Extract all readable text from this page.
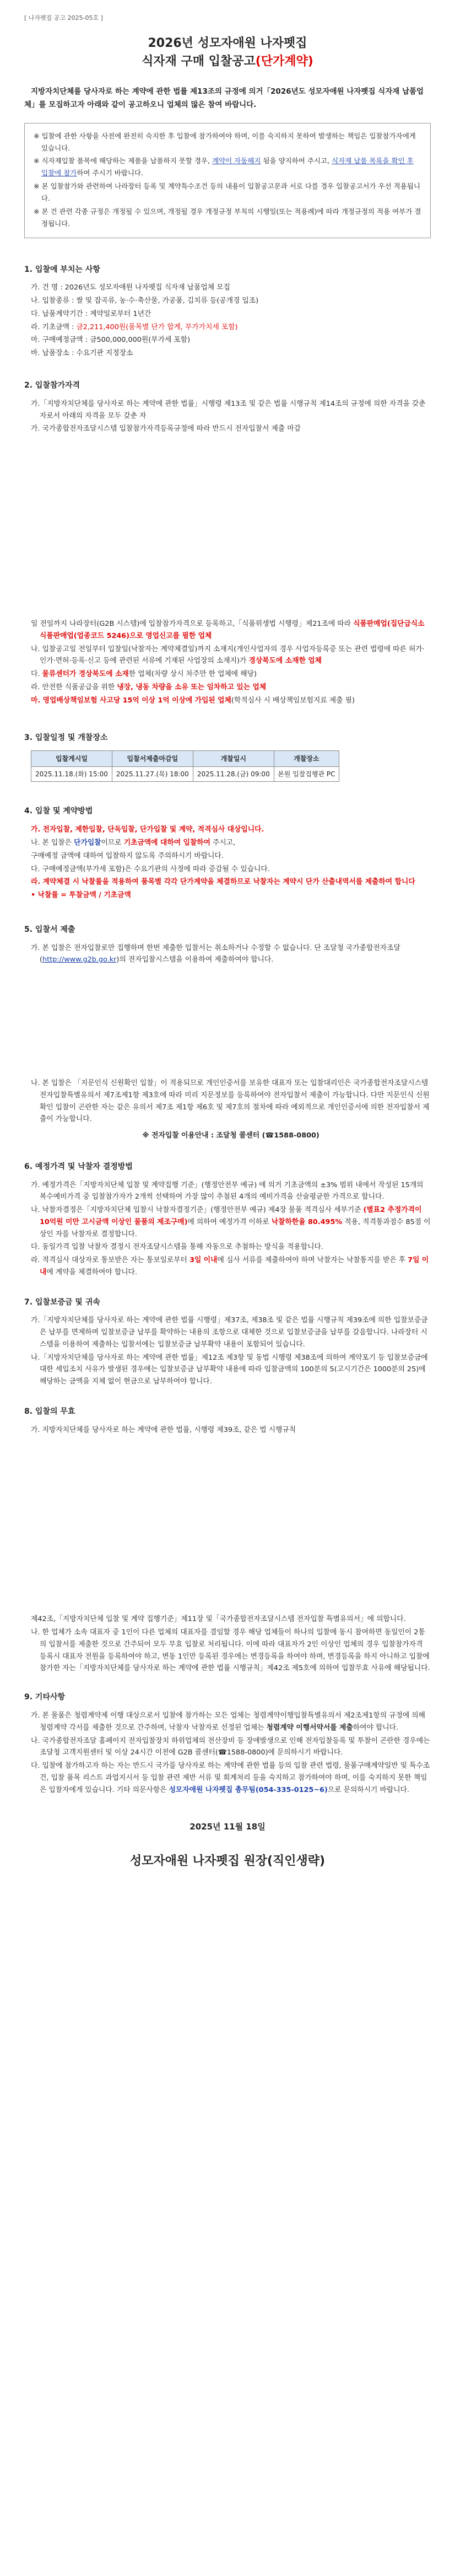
[ 나자펫집 공고 2025-05호 ]
2026년 성모자애원 나자펫집
식자재 구매 입찰공고(단가계약)

지방자치단체를 당사자로 하는 계약에 관한 법률 제13조의 규정에 의거「2026년도 성모자애원 나자펫집 식자재 납품업체」를 모집하고자 아래와 같이 공고하오니 업체의 많은 참여 바랍니다.

※ 입찰에 관한 사항을 사전에 완전히 숙지한 후 입찰에 참가하여야 하며, 이를 숙지하지 못하여 발생하는 책임은 입찰참가자에게 있습니다.

※ 식자재입찰 품목에 해당하는 제품을 납품하지 못할 경우, 계약이 자동해지 됨을 양지하여 주시고, 식자재 납품 목록을 확인 후 입찰에 참가하여 주시기 바랍니다.

※ 본 입찰참가와 관련하여 나라장터 등록 및 계약특수조건 등의 내용이 입찰공고문과 서로 다를 경우 입찰공고서가 우선 적용됩니다.

※ 본 건 관련 각종 규정은 개정될 수 있으며, 개정될 경우 개정규정 부칙의 시행일(또는 적용례)에 따라 개정규정의 적용 여부가 결정됩니다.

1. 입찰에 부치는 사항
가. 건 명 : 2026년도 성모자애원 나자펫집 식자재 납품업체 모집
나. 입찰종류 : 쌀 및 잡곡류, 농·수·축산물, 가공품, 김치류 등(공개경 입조)
다. 납품계약기간 : 계약일로부터 1년간
라. 기초금액 : 금2,211,400원(품목별 단가 합계, 부가가치세 포함)
마. 구매예정금액 : 금500,000,000원(부가세 포함)
바. 납품장소 : 수요기관 지정장소
2. 입찰참가자격
가.「지방자치단체를 당사자로 하는 계약에 관한 법률」시행령 제13조 및 같은 법률 시행규칙 제14조의 규정에 의한 자격을 갖춘 자로서 아래의 자격을 모두 갖춘 자
가. 국가종합전자조달시스템 입찰참가자격등록규정에 따라 반드시 전자입찰서 제출 마감
일 전일까지 나라장터(G2B 시스템)에 입찰참가자격으로 등록하고,「식품위생법 시행령」제21조에 따라 식품판매업(집단급식소식품판매업(업종코드 5246)으로 영업신고를 필한 업체
나. 입찰공고일 전일부터 입찰일(낙찰자는 계약체결일)까지 소재지(개인사업자의 경우 사업자등록증 또는 관련 법령에 따른 허가·인가·면허·등록·신고 등에 관련된 서류에 기재된 사업장의 소재지)가 경상북도에 소재한 업체
다. 물류센터가 경상북도에 소재한 업체(차량 상시 차주만 한 업체에 해당)
라. 안전한 식품공급을 위한 냉장, 냉동 차량을 소유 또는 임차하고 있는 업체
마. 영업배상책임보험 사고당 15억 이상 1억 이상에 가입된 업체(학적심사 시 배상책임보험지료 제출 필)
3. 입찰일정 및 개찰장소
입찰게시일	입찰서제출마감일	개찰일시	개찰장소
2025.11.18.(화) 15:00	2025.11.27.(목) 18:00	2025.11.28.(금) 09:00	본원 입찰집행관 PC
4. 입찰 및 계약방법
가. 전자입찰, 제한입찰, 단독입찰, 단가입찰 및 계약, 적격심사 대상입니다.
나. 본 입찰은 단가입찰이므로 기초금액에 대하여 입찰하여 주시고,
구매예정 금액에 대하여 입찰하지 않도록 주의하시기 바랍니다.
다. 구매예정금액(부가세 포함)은 수요기관의 사정에 따라 증감될 수 있습니다.
라. 계약체결 시 낙찰률을 적용하여 품목별 각각 단가계약을 체결하므로 낙찰자는 계약시 단가 산출내역서를 제출하여 합니다
• 낙찰률 = 투찰금액 / 기초금액
5. 입찰서 제출
가. 본 입찰은 전자입찰로만 집행하며 한번 제출한 입찰서는 취소하거나 수정할 수 없습니다. 단 조달청 국가종합전자조달(http://www.g2b.go.kr)의 전자입찰시스템을 이용하여 제출하여야 합니다.
나. 본 입찰은 「지문인식 신원확인 입찰」이 적용되므로 개인인증서를 보유한 대표자 또는 입찰대리인은 국가종합전자조달시스템 전자입찰특별유의서 제7조제1항 제3호에 따라 미리 지문정보를 등록하여야 전자입찰서 제출이 가능합니다. 다만 지문인식 신원확인 입찰이 곤란한 자는 같은 유의서 제7조 제1항 제6호 및 제7호의 절차에 따라 예외적으로 개인인증서에 의한 전자입찰서 제출이 가능합니다.
※ 전자입찰 이용안내 : 조달청 콜센터 (☎1588-0800)
6. 예정가격 및 낙찰자 결정방법
가. 예정가격은「지방자치단체 입찰 및 계약집행 기준」(행정안전부 예규) 에 의거 기초금액의 ±3% 범위 내에서 작성된 15개의 복수예비가격 중 입찰참가자가 2개씩 선택하여 가장 많이 추첨된 4개의 예비가격을 산술평균한 가격으로 합니다.
나. 낙찰자결정은「지방자치단체 입찰시 낙찰자결정기준」(행정안전부 예규) 제4장 물품 적격심사 세부기준 (별표2 추정가격이 10억원 미만 고시금액 이상인 물품의 제조구매)에 의하여 예정가격 이하로 낙찰하한율 80.495% 적용, 적격통과점수 85점 이상인 자를 낙찰자로 결정합니다.
다. 동일가격 입찰 낙찰자 결정시 전자조달시스템을 통해 자동으로 추첨하는 방식을 적용합니다.
라. 적격심사 대상자로 통보받은 자는 통보일로부터 3일 이내에 심사 서류를 제출하여야 하며 낙찰자는 낙찰통지를 받은 후 7일 이내에 계약을 체결하여야 합니다.
7. 입찰보증금 및 귀속
가.「지방자치단체를 당사자로 하는 계약에 관한 법률 시행령」제37조, 제38조 및 같은 법률 시행규칙 제39조에 의한 입찰보증금은 납부를 면제하며 입찰보증금 납부를 확약하는 내용의 조항으로 대체한 것으로 입찰보증금을 납부를 갈음합니다. 나라장터 시스템을 이용하여 제출하는 입찰서에는 입찰보증금 납부확약 내용이 포함되어 있습니다.
나.「지방자치단체를 당사자로 하는 계약에 관한 법률」제12조 제3항 및 동법 시행령 제38조에 의하여 계약포기 등 입찰보증금에 대한 세입조치 사유가 발생된 경우에는 입찰보증금 납부확약 내용에 따라 입찰금액의 100분의 5(고시기간은 1000분의 25)에 해당하는 금액을 지체 없이 현금으로 납부하여야 합니다.
8. 입찰의 무효
가. 지방자치단체를 당사자로 하는 계약에 관한 법률, 시행령 제39조, 같은 법 시행규칙
제42조,「지방자치단체 입찰 및 계약 집행기준」제11장 및「국가종합전자조달시스템 전자입찰 특별유의서」에 의합니다.
나. 한 업체가 소속 대표자 중 1인이 다른 업체의 대표자를 겸임할 경우 해당 업체들이 하나의 입찰에 동시 참여하면 동일인이 2통의 입찰서를 제출한 것으로 간주되어 모두 무효 입찰로 처리됩니다. 이에 따라 대표자가 2인 이상인 업체의 경우 입찰참가자격 등록시 대표자 전원을 등록하여야 하고, 변동 1인만 등록된 경우에는 변경등록을 하여야 하며, 변경등록을 하지 아니하고 입찰에 참가한 자는「지방자치단체를 당사자로 하는 계약에 관한 법률 시행규칙」제42조 제5호에 의하여 입찰무효 사유에 해당됩니다.
9. 기타사항
가. 본 물품은 청렴계약제 이행 대상으로서 입찰에 참가하는 모든 업체는 청렴계약이행입찰특별유의서 제2조제1항의 규정에 의해 청렴계약 각서를 제출한 것으로 간주하며, 낙찰자 낙찰자로 선정된 업체는 청렴계약 이행서약서를 제출하여야 합니다.
나. 국가종합전자조달 홈페이지 전자입찰장치 하위업체의 전산장비 등 장애발생으로 인해 전자입찰등록 및 투찰이 곤란한 경우에는 조달청 고객지원센터 및 이상 24시간 이전에 G2B 콜센터(☎1588-0800)에 문의하시기 바랍니다.
다. 입찰에 참가하고자 하는 자는 반드시 국가를 당사자로 하는 계약에 관한 법률 등의 입찰 관련 법령, 물품구매계약일반 및 특수조건, 입찰 품목 리스트 과업지시서 등 입찰 관련 제반 서류 및 회계처리 등을 숙지하고 참가하여야 하며, 이를 숙지하지 못한 책임은 입찰자에게 있습니다. 기타 의문사항은 성모자애원 나자펫집 총무팀(054-335-0125~6)으로 문의하시기 바랍니다.
2025년 11월 18일
성모자애원 나자펫집 원장(직인생략)
